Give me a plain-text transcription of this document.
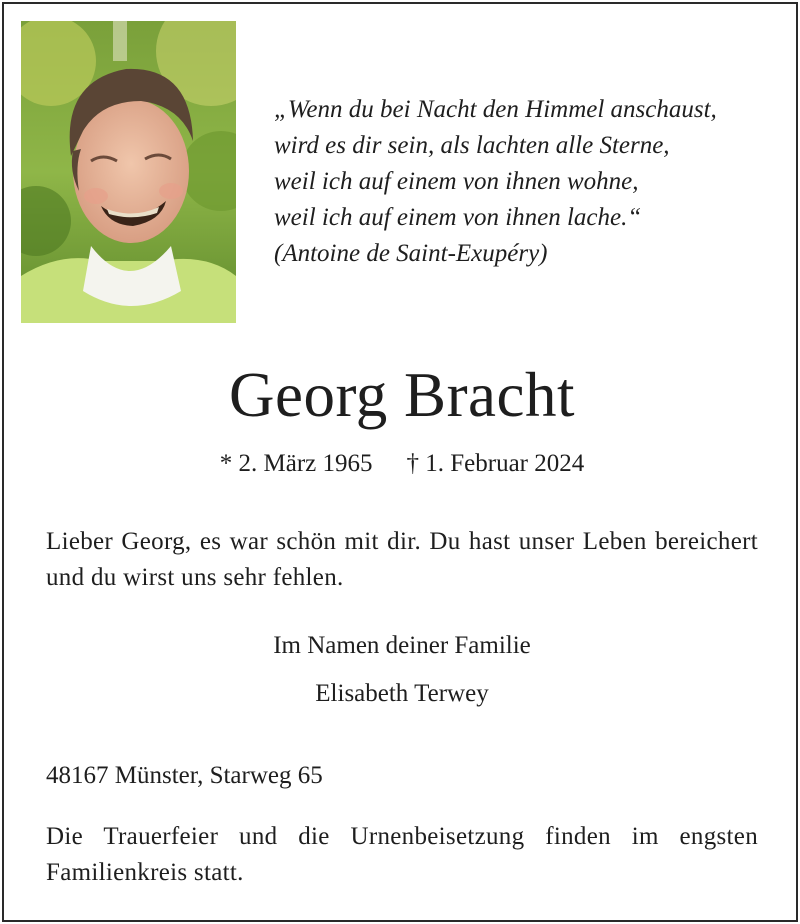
„Wenn du bei Nacht den Himmel anschaust,
wird es dir sein, als lachten alle Sterne,
weil ich auf einem von ihnen wohne,
weil ich auf einem von ihnen lache.“
(Antoine de Saint-Exupéry)
Georg Bracht
* 2. März 1965 † 1. Februar 2024
Lieber Georg, es war schön mit dir. Du hast unser Leben bereichert und du wirst uns sehr fehlen.
Im Namen deiner Familie
Elisabeth Terwey
48167 Münster, Starweg 65
Die Trauerfeier und die Urnenbeisetzung finden im engsten Familienkreis statt.
